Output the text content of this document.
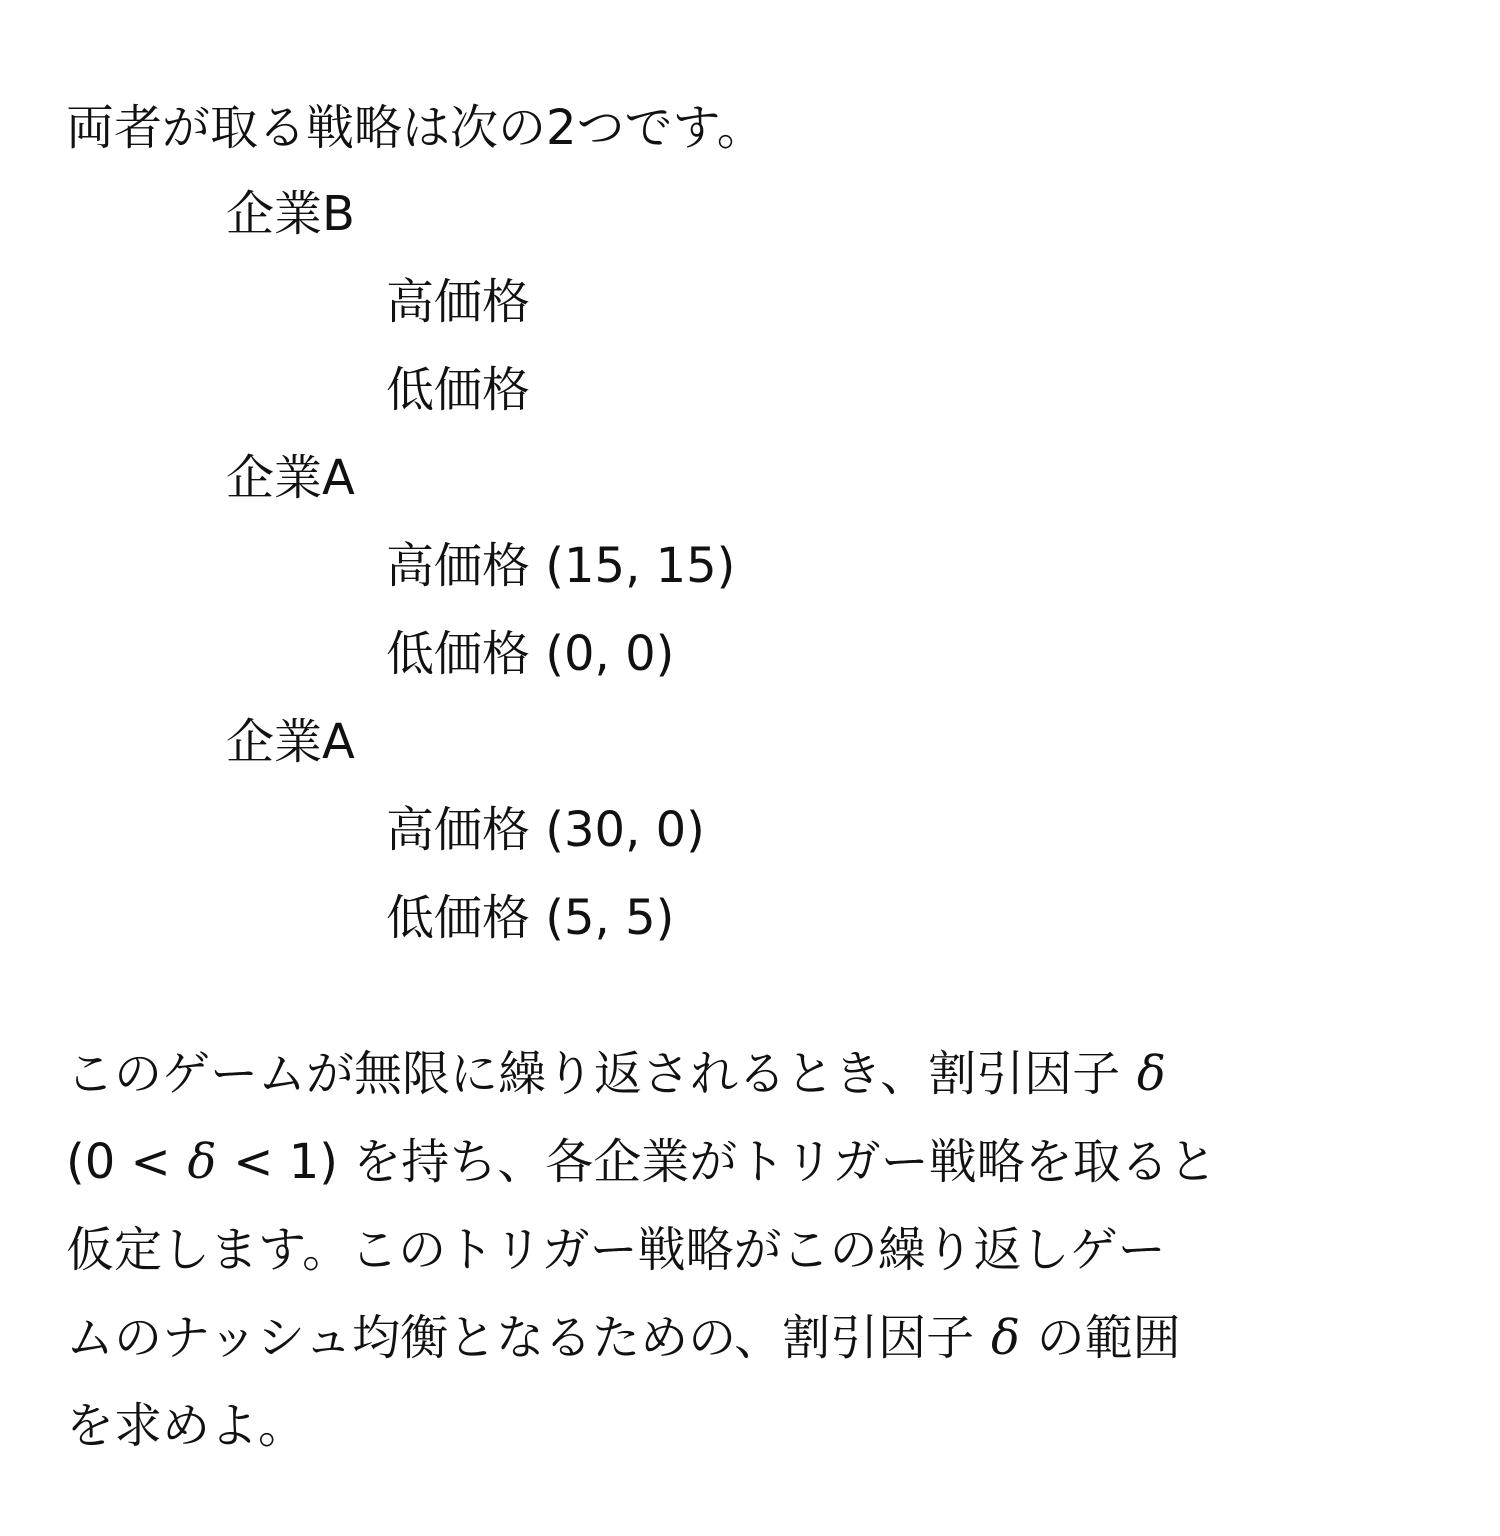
両者が取る戦略は次の2つです。
企業B
高価格
低価格
企業A
高価格 (15, 15)
低価格 (0, 0)
企業A
高価格 (30, 0)
低価格 (5, 5)
このゲームが無限に繰り返されるとき、割引因子 δ
(0 < δ < 1) を持ち、各企業がトリガー戦略を取ると
仮定します。このトリガー戦略がこの繰り返しゲー
ムのナッシュ均衡となるための、割引因子 δ の範囲
を求めよ。
